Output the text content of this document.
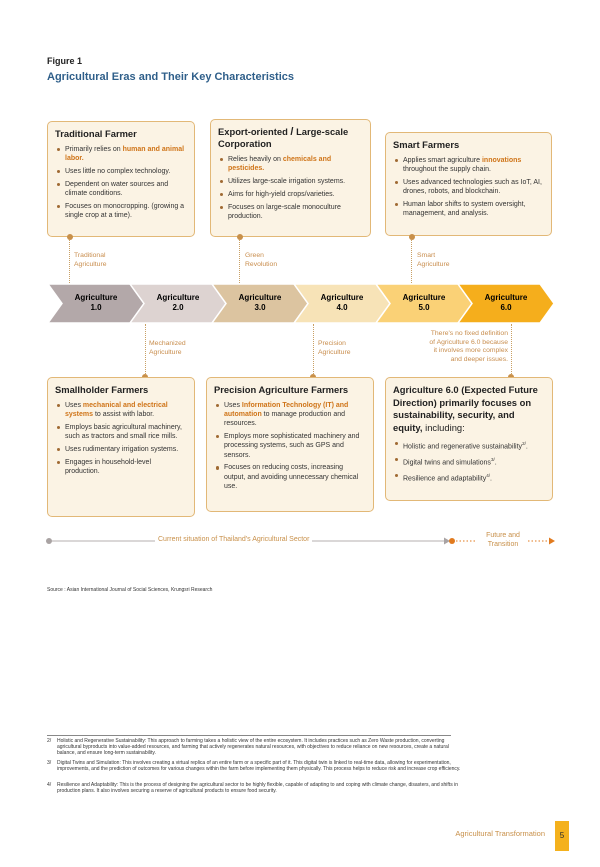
Figure 1
Agricultural Eras and Their Key Characteristics
Traditional Farmer
Primarily relies on human and animal labor.
Uses little no complex technology.
Dependent on water sources and climate conditions.
Focuses on monocropping. (growing a single crop at a time).
Export-oriented / Large-scale Corporation
Relies heavily on chemicals and pesticides.
Utilizes large-scale irrigation systems.
Aims for high-yield crops/varieties.
Focuses on large-scale monoculture production.
Smart Farmers
Applies smart agriculture innovations throughout the supply chain.
Uses advanced technologies such as IoT, AI, drones, robots, and blockchain.
Human labor shifts to system oversight, management, and analysis.
Traditional
Agriculture
Green
Revolution
Smart
Agriculture
Agriculture
1.0
Agriculture
2.0
Agriculture
3.0
Agriculture
4.0
Agriculture
5.0
Agriculture
6.0
Mechanized
Agriculture
Precision
Agriculture
There's no fixed definition
of Agriculture 6.0 because
it involves more complex
and deeper issues.
Smallholder Farmers
Uses mechanical and electrical systems to assist with labor.
Employs basic agricultural machinery, such as tractors and small rice mills.
Uses rudimentary irrigation systems.
Engages in household-level production.
Precision Agriculture Farmers
Uses Information Technology (IT) and automation to manage production and resources.
Employs more sophisticated machinery and processing systems, such as GPS and sensors.
Focuses on reducing costs, increasing output, and avoiding unnecessary chemical use.
Agriculture 6.0 (Expected Future Direction) primarily focuses on sustainability, security, and equity, including:
Holistic and regenerative sustainability$^{2/}$.
Digital twins and simulations$^{3/}$.
Resilience and adaptability$^{4/}$.
Current situation of Thailand's Agricultural Sector
Future and
Transition
Source : Asian International Journal of Social Sciences, Krungsri Research
2/ Holistic and Regenerative Sustainability: This approach to farming takes a holistic view of the entire ecosystem. It includes practices such as Zero Waste production, converting agricultural byproducts into value-added resources, and farming that actively regenerates natural resources, with objectives to reduce reliance on new resources, create a natural balance, and ensure long-term sustainability.
3/ Digital Twins and Simulation: This involves creating a virtual replica of an entire farm or a specific part of it. This digital twin is linked to real-time data, allowing for experimentation, improvements, and the prediction of outcomes for various changes within the farm before implementing them physically. This process helps to reduce risk and increase crop efficiency.
4/ Resilience and Adaptability: This is the process of designing the agricultural sector to be highly flexible, capable of adapting to and coping with climate change, disasters, and shifts in production plans. It also involves securing a reserve of agricultural products to ensure food security.
Agricultural Transformation	5
